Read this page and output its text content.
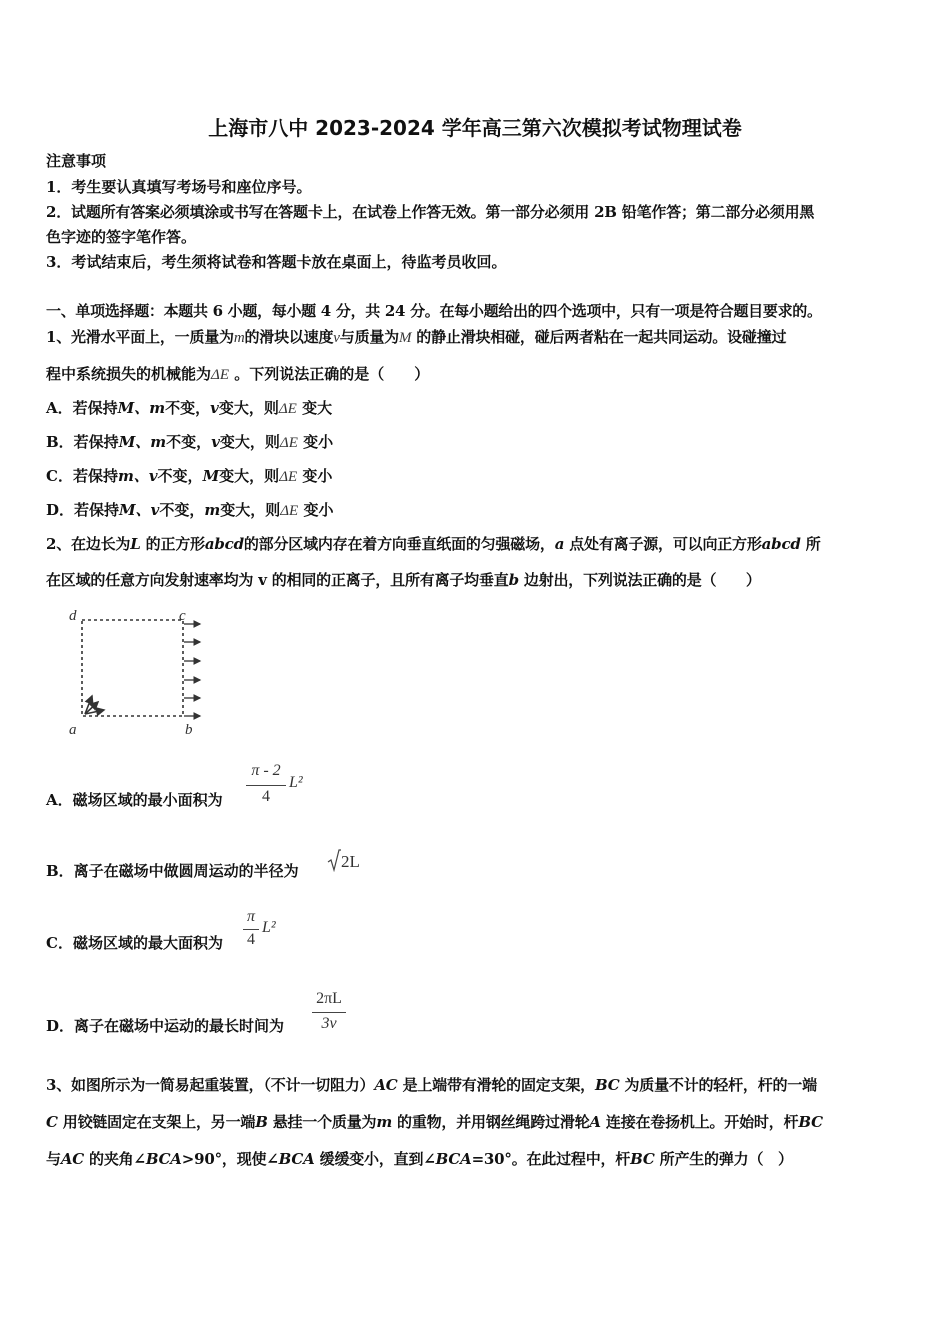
上海市八中 2023-2024 学年高三第六次模拟考试物理试卷
注意事项
1．考生要认真填写考场号和座位序号。
2．试题所有答案必须填涂或书写在答题卡上，在试卷上作答无效。第一部分必须用 2B 铅笔作答；第二部分必须用黑
色字迹的签字笔作答。
3．考试结束后，考生须将试卷和答题卡放在桌面上，待监考员收回。
一、单项选择题：本题共 6 小题，每小题 4 分，共 24 分。在每小题给出的四个选项中，只有一项是符合题目要求的。
1、光滑水平面上，一质量为m的滑块以速度v与质量为M 的静止滑块相碰，碰后两者粘在一起共同运动。设碰撞过
程中系统损失的机械能为ΔE 。下列说法正确的是（　　）
A．若保持M、m不变，v变大，则ΔE 变大
B．若保持M、m不变，v变大，则ΔE 变小
C．若保持m、v不变，M变大，则ΔE 变小
D．若保持M、v不变，m变大，则ΔE 变小
2、在边长为L 的正方形abcd的部分区域内存在着方向垂直纸面的匀强磁场，a 点处有离子源，可以向正方形abcd 所
在区域的任意方向发射速率均为 v 的相同的正离子，且所有离子均垂直b 边射出，下列说法正确的是（　　）
d	c
a	b
A．磁场区域的最小面积为
π - 2
4
L²
B．离子在磁场中做圆周运动的半径为	2L
C．磁场区域的最大面积为
π
4
L²
D．离子在磁场中运动的最长时间为
2πL
3v
3、如图所示为一简易起重装置，（不计一切阻力）AC 是上端带有滑轮的固定支架，BC 为质量不计的轻杆，杆的一端
C 用铰链固定在支架上，另一端B 悬挂一个质量为m 的重物，并用钢丝绳跨过滑轮A 连接在卷扬机上。开始时，杆BC
与AC 的夹角∠BCA>90°，现使∠BCA 缓缓变小，直到∠BCA=30°。在此过程中，杆BC 所产生的弹力（　）
